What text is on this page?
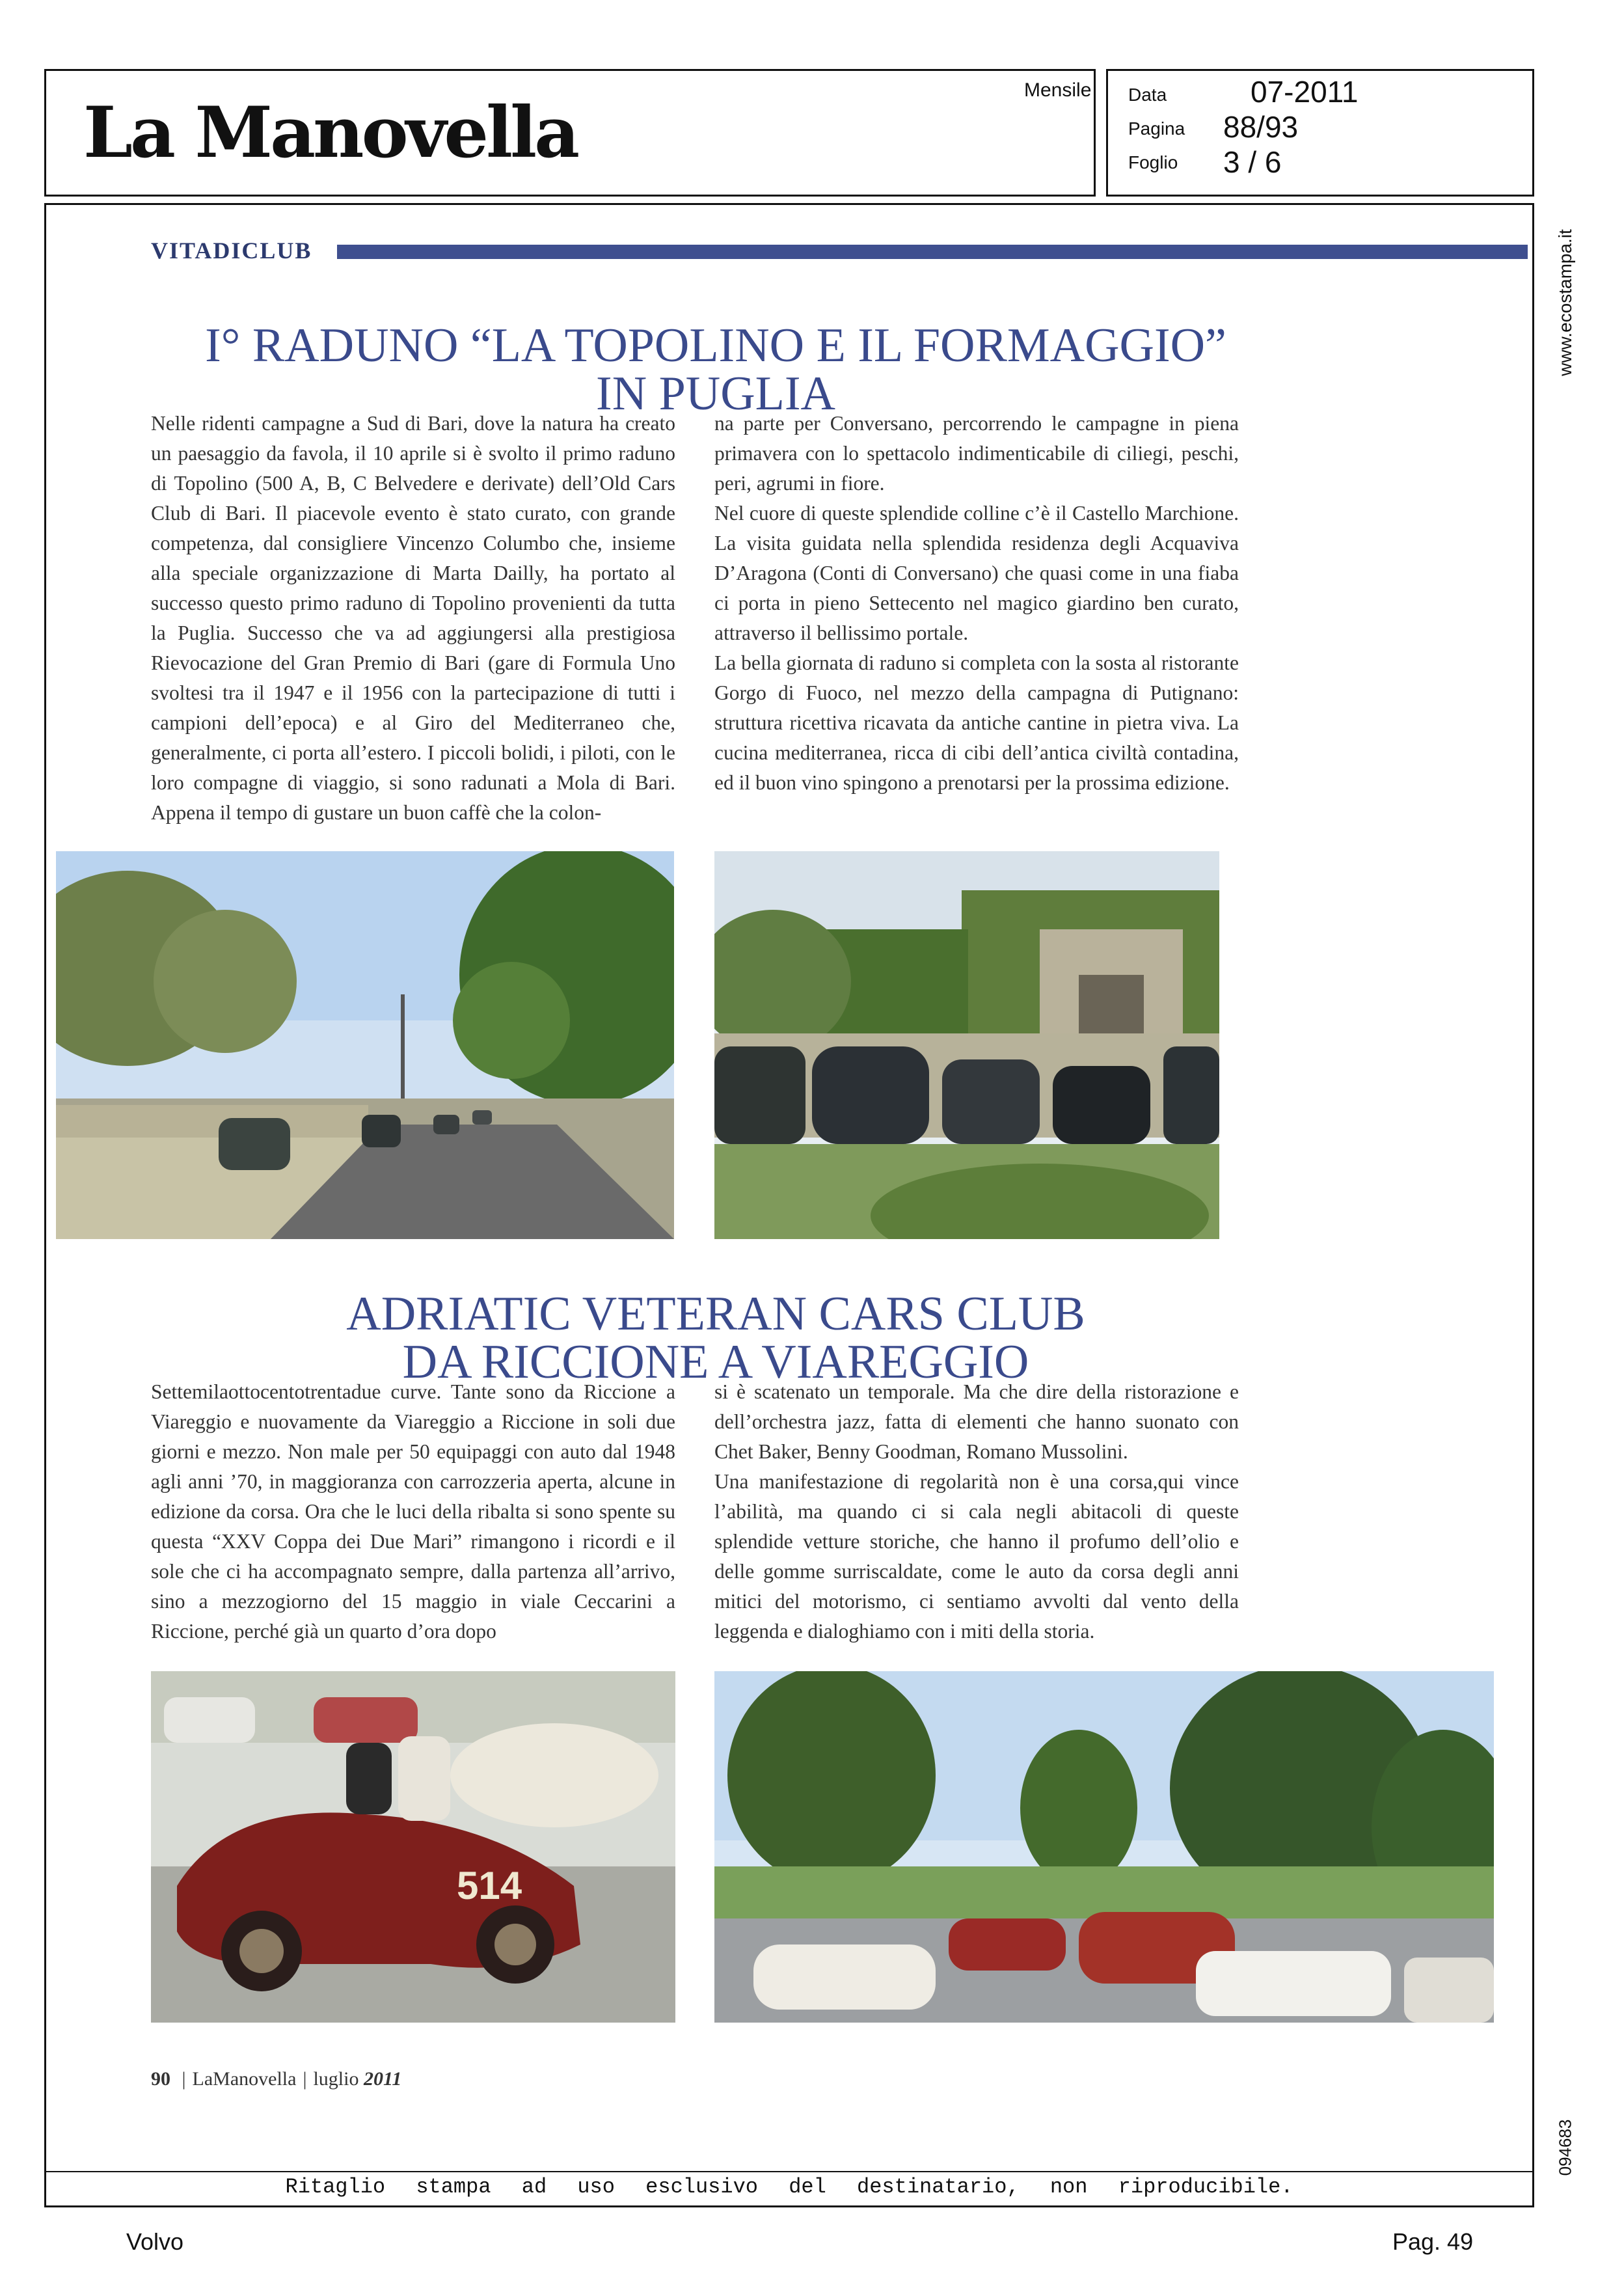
La Manovella
Mensile Data	07-2011
Pagina 88/93
Foglio 3 / 6
www.ecostampa.it
094683
VITADICLUB
I° RADUNO “LA TOPOLINO E IL FORMAGGIO”
IN PUGLIA

Nelle ridenti campagne a Sud di Bari, dove la natura ha creato un paesaggio da favola, il 10 aprile si è svolto il primo raduno di Topolino (500 A, B, C Belvedere e derivate) dell’Old Cars Club di Bari. Il piacevole evento è stato curato, con grande competenza, dal consigliere Vincenzo Columbo che, insieme alla speciale organizzazione di Marta Dailly, ha portato al successo questo primo raduno di Topolino provenienti da tutta la Puglia. Successo che va ad aggiungersi alla prestigiosa Rievocazione del Gran Premio di Bari (gare di Formula Uno svoltesi tra il 1947 e il 1956 con la partecipazione di tutti i campioni dell’epoca) e al Giro del Mediterraneo che, generalmente, ci porta all’estero. I piccoli bolidi, i piloti, con le loro compagne di viaggio, si sono radunati a Mola di Bari. Appena il tempo di gustare un buon caffè che la colon-

na parte per Conversano, percorrendo le campagne in piena primavera con lo spettacolo indimenticabile di ciliegi, peschi, peri, agrumi in fiore.

Nel cuore di queste splendide colline c’è il Castello Marchione. La visita guidata nella splendida residenza degli Acquaviva D’Aragona (Conti di Conversano) che quasi come in una fiaba ci porta in pieno Settecento nel magico giardino ben curato, attraverso il bellissimo portale.

La bella giornata di raduno si completa con la sosta al ristorante Gorgo di Fuoco, nel mezzo della campagna di Putignano: struttura ricettiva ricavata da antiche cantine in pietra viva. La cucina mediterranea, ricca di cibi dell’antica civiltà contadina, ed il buon vino spingono a prenotarsi per la prossima edizione.

ADRIATIC VETERAN CARS CLUB
DA RICCIONE A VIAREGGIO

Settemilaottocentotrentadue curve. Tante sono da Riccione a Viareggio e nuovamente da Viareggio a Riccione in soli due giorni e mezzo. Non male per 50 equipaggi con auto dal 1948 agli anni ’70, in maggioranza con carrozzeria aperta, alcune in edizione da corsa. Ora che le luci della ribalta si sono spente su questa “XXV Coppa dei Due Mari” rimangono i ricordi e il sole che ci ha accompagnato sempre, dalla partenza all’arrivo, sino a mezzogiorno del 15 maggio in viale Ceccarini a Riccione, perché già un quarto d’ora dopo

si è scatenato un temporale. Ma che dire della ristorazione e dell’orchestra jazz, fatta di elementi che hanno suonato con Chet Baker, Benny Goodman, Romano Mussolini.

Una manifestazione di regolarità non è una corsa,qui vince l’abilità, ma quando ci si cala negli abitacoli di queste splendide vetture storiche, che hanno il profumo dell’olio e delle gomme surriscaldate, come le auto da corsa degli anni mitici del motorismo, ci sentiamo avvolti dal vento della leggenda e dialoghiamo con i miti della storia.

514
90 | LaManovella | luglio 2011
Ritaglio stampa ad uso esclusivo del destinatario, non riproducibile.
Volvo	Pag. 49
